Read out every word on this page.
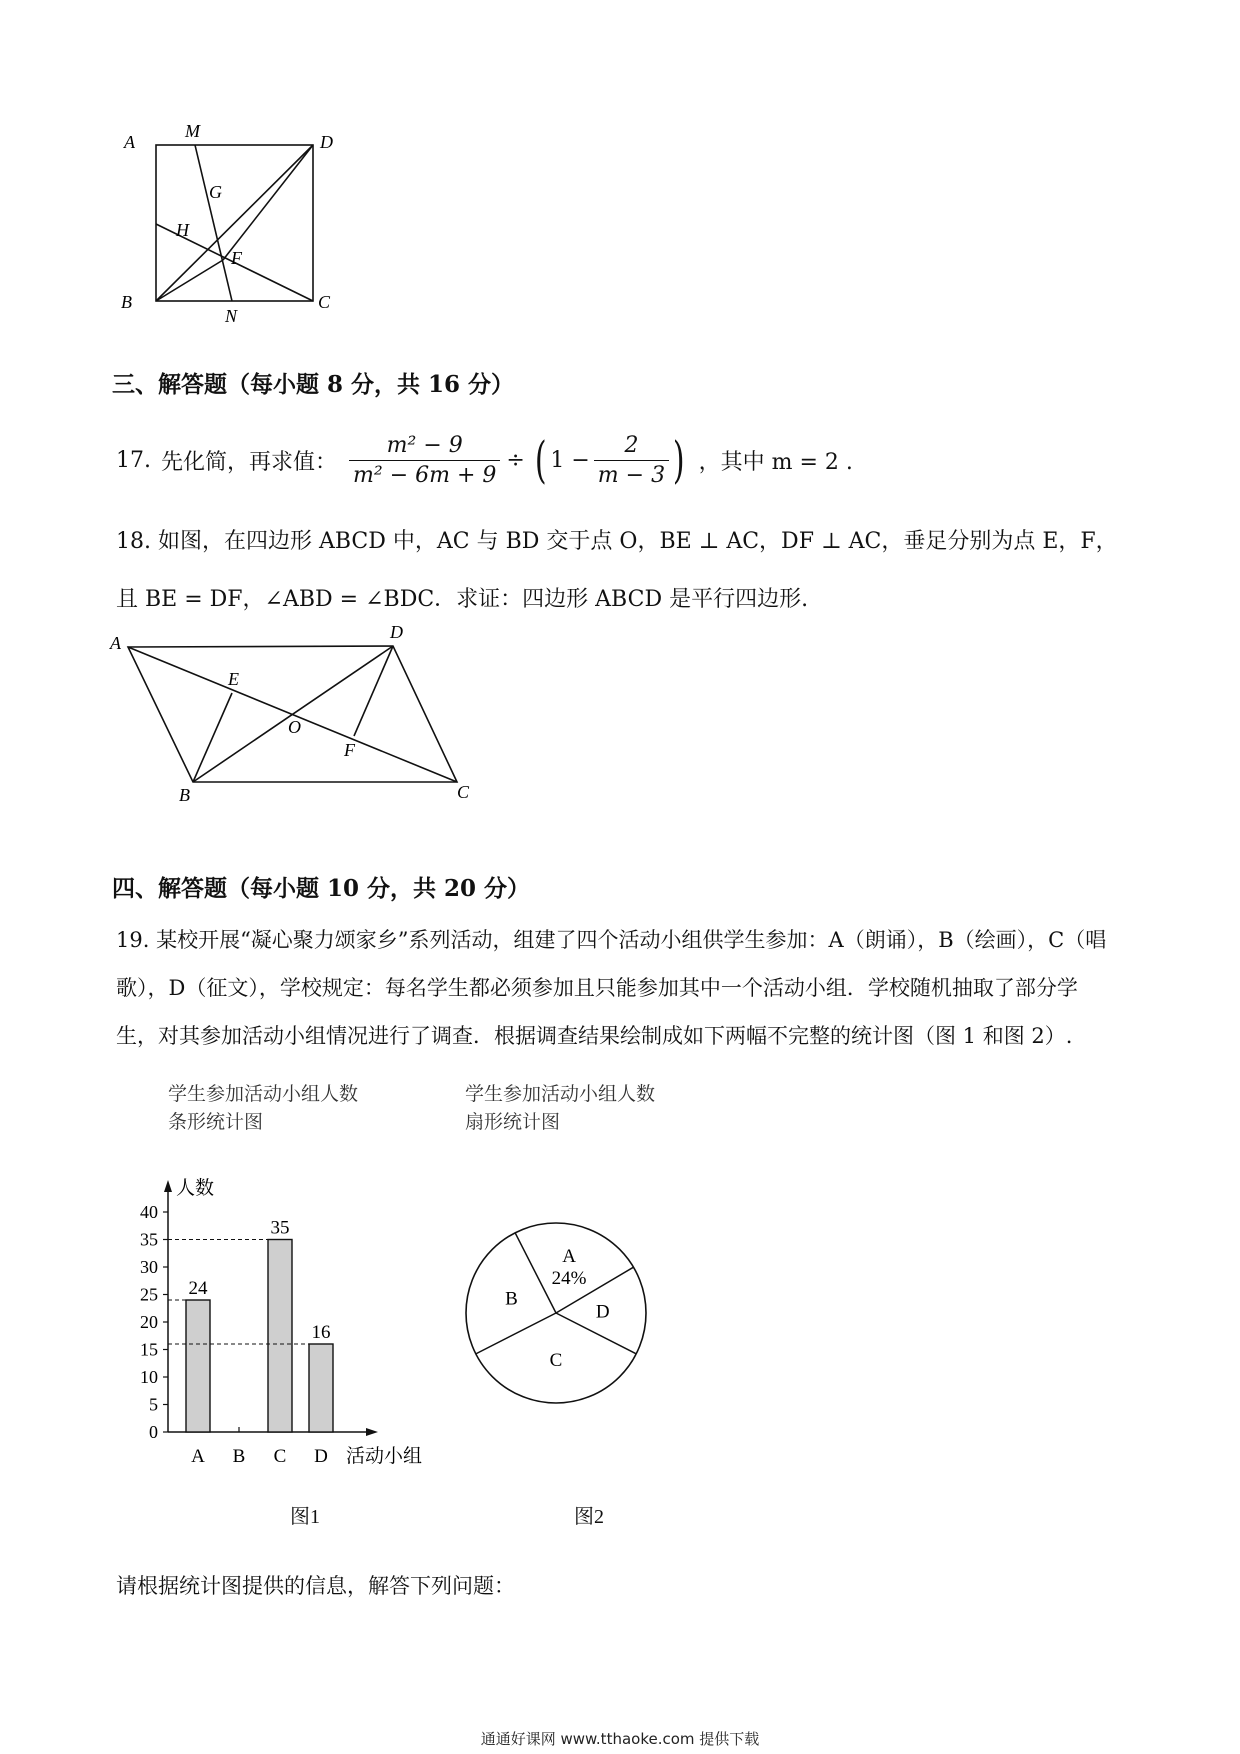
A
M
D
G
H
F
B
N
C
三、解答题（每小题 8 分，共 16 分）
17. 先化简，再求值： $\frac{\text{m² − 9}}{\text{m² − 6m + 9}}$ ÷ ( $1 - \frac{2}{m - 3}$ ) ，其中 m = 2 .
18. 如图，在四边形 ABCD 中，AC 与 BD 交于点 O，BE ⊥ AC，DF ⊥ AC，垂足分别为点 E，F，
且 BE = DF，∠ABD = ∠BDC．求证：四边形 ABCD 是平行四边形.
A
D
E
O
F
B	C
四、解答题（每小题 10 分，共 20 分）
19. 某校开展“凝心聚力颂家乡”系列活动，组建了四个活动小组供学生参加：A（朗诵），B（绘画），C（唱
歌），D（征文），学校规定：每名学生都必须参加且只能参加其中一个活动小组．学校随机抽取了部分学
生，对其参加活动小组情况进行了调查．根据调查结果绘制成如下两幅不完整的统计图（图 1 和图 2）.
学生参加活动小组人数
条形统计图
学生参加活动小组人数
扇形统计图
人数
活动小组
0
5
10
15
20
25
30
35
40
A
24
B C
35
D
16
A
24%
D
C
B
图1	图2
请根据统计图提供的信息，解答下列问题：
通通好课网 www.tthaoke.com 提供下载
